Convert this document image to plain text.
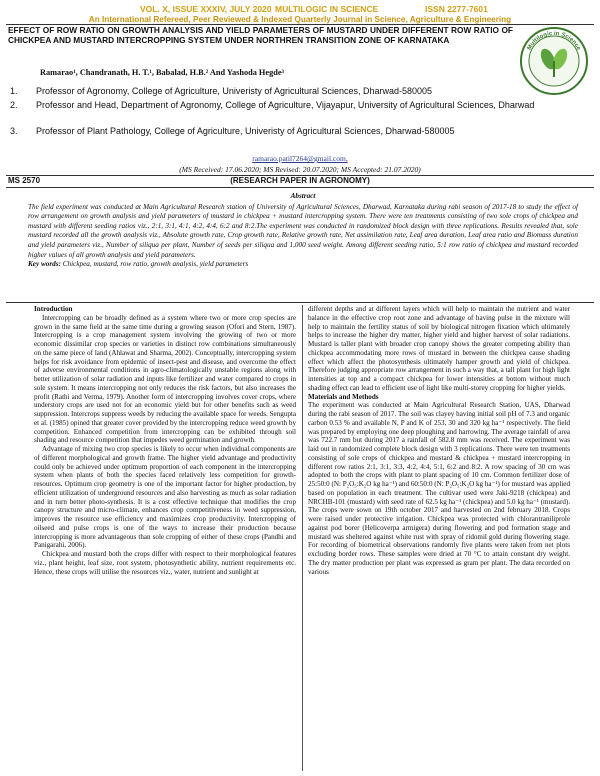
VOL. X, ISSUE XXXIV, JULY 2020 MULTILOGIC IN SCIENCE	ISSN 2277-7601
An International Refereed, Peer Reviewed & Indexed Quarterly Journal in Science, Agriculture & Engineering
EFFECT OF ROW RATIO ON GROWTH ANALYSIS AND YIELD PARAMETERS OF MUSTARD UNDER DIFFERENT ROW RATIO OF CHICKPEA AND MUSTARD INTERCROPPING SYSTEM UNDER NORTHREN TRANSITION ZONE OF KARNATAKA
Ramarao¹, Chandranath, H. T.¹, Babalad, H.B.² And Yashoda Hegde³
Multilogic in Science
1.	Professor of Agronomy, College of Agriculture, Univeristy of Agricultural Sciences, Dharwad-580005
2.	Professor and Head, Department of Agronomy, College of Agriculture, Vijayapur, University of Agricultural Sciences, Dharwad
3.	Professor of Plant Pathology, College of Agriculture, Univeristy of Agricultural Sciences, Dharwad-580005
ramarao.patil7264@gmail.com,
(MS Received: 17.06.2020; MS Revised: 20.07.2020; MS Accepted: 21.07.2020)
MS 2570	(RESEARCH PAPER IN AGRONOMY)
Abstract
The field experiment was conducted at Main Agricultural Research station of University of Agricultural Sciences, Dharwad, Karnataka during rabi season of 2017-18 to study the effect of row arrangement on growth analysis and yield parameters of mustard in chickpea + mustard intercropping system. There were ten treatments consisting of two sole crops of chickpea and mustard with different seeding ratios viz., 2:1, 3:1, 4:1, 4:2, 4:4, 6:2 and 8:2.The experiment was conducted in randomized block design with three replications. Results revealed that, sole mustard recorded all the growth analysis viz., Absolute growth rate, Crop growth rate, Relative growth rate, Net assimilation rate, Leaf area duration, Leaf area ratio and Biomass duration and yield parameters viz., Number of siliqua per plant, Number of seeds per siliqua and 1,000 seed weight. Among different seeding ratio, 5:1 row ratio of chickpea and mustard recorded higher values of all growth analysis and yield parameters.
Key words: Chickpea, mustard, row ratio, growth analysis, yield parameters

Introduction

Intercropping can be broadly defined as a system where two or more crop species are grown in the same field at the same time during a growing season (Ofori and Stern, 1987). Intercropping is a crop management system involving the growing of two or more economic dissimilar crop species or varieties in distinct row combinations simultaneously on the same piece of land (Ahlawat and Sharma, 2002). Conceptually, intercropping system helps for risk avoidance from epidemic of insect-pest and disease, and overcome the effect of adverse environmental conditions in agro-climatologically unstable regions along with better utilization of solar radiation and inputs like fertilizer and water compared to crops in sole system. It means intercropping not only reduces the risk factors, but also increases the profit (Rathi and Verma, 1979). Another form of intercropping involves cover crops, where understory crops are used not for an economic yield but for other benefits such as weed suppression. Intercrops suppress weeds by reducing the available space for weeds. Sengupta et al. (1985) opined that greater cover provided by the intercropping reduce weed growth by competition. Enhanced competition from intercropping can be exhibited through soil shading and resource competition that impedes weed germination and growth.

Advantage of mixing two crop species is likely to occur when individual components are of different morphological and growth frame. The higher yield advantage and productivity could only be achieved under optimum proportion of each component in the intercropping system when plants of both the species faced relatively less competition for growth-resources. Optimum crop geometry is one of the important factor for higher production, by efficient utilization of underground resources and also harvesting as much as solar radiation and in turn better photo-synthesis. It is a cost effective technique that modifies the crop canopy structure and micro-climate, enhances crop competitiveness in weed suppression, improves the resource use efficiency and maximizes crop productivity. Intercropping of oilseed and pulse crops is one of the ways to increase their production because intercropping is more advantageous than sole cropping of either of these crops (Pandhi and Panigarahi, 2006).

Chickpea and mustard both the crops differ with respect to their morphological features viz., plant height, leaf size, root system, photosynthetic ability, nutrient requirements etc. Hence, these crops will utilise the resources viz., water, nutrient and sunlight at

different depths and at different layers which will help to maintain the nutrient and water balance in the effective crop root zone and advantage of having pulse in the mixture will help to maintain the fertility status of soil by biological nitrogen fixation which ultimately helps to increase the higher dry matter, higher yield and higher harvest of solar radiations. Mustard is taller plant with broader crop canopy shows the greater competing ability than chickpea accommodating more rows of mustard in between the chickpea cause shading effect which affect the photosynthesis ultimately hamper growth and yield of chickpea. Therefore judging appropriate row arrangement in such a way that, a tall plant for high light intensities at top and a compact chickpea for lower intensities at bottom without much shading effect can lead to efficient use of light like multi-storey cropping for higher yields.

Materials and Methods

The experiment was conducted at Main Agricultural Research Station, UAS, Dharwad during the rabi season of 2017. The soil was clayey having initial soil pH of 7.3 and organic carbon 0.53 % and available N, P and K of 253, 30 and 320 kg ha⁻¹ respectively. The field was prepared by employing one deep ploughing and harrowing. The average rainfall of area was 722.7 mm but during 2017 a rainfall of 582.8 mm was received. The experiment was laid out in randomized complete block design with 3 replications. There were ten treatments consisting of sole crops of chickpea and mustard & chickpea + mustard intercropping in different row ratios 2:1, 3:1, 3:3, 4:2, 4:4, 5:1, 6:2 and 8:2. A row spacing of 30 cm was adopted to both the crops with plant to plant spacing of 10 cm. Common fertilizer dose of 25:50:0 (N: P₂O₅:K₂O kg ha⁻¹) and 60:50:0 (N: P₂O₅:K₂O kg ha⁻¹) for mustard was applied based on population in each treatment. The cultivar used were Jaki-9218 (chickpea) and NRCHB-101 (mustard) with seed rate of 62.5 kg ha⁻¹ (chickpea) and 5.0 kg ha⁻¹ (mustard). The crops were sown on 19th october 2017 and harvested on 2nd february 2018. Crops were raised under protective irrigation. Chickpea was protected with chlorantraniliprole against pod borer (Helicoverpa armigera) during flowering and pod formation stage and mustard was sheltered against white rust with spray of ridomil gold during flowering stage. For recording of biometrical observations randomly five plants were taken from net plots excluding border rows. These samples were dried at 70 °C to attain constant dry weight. The dry matter production per plant was expressed as gram per plant. The data recorded on various
